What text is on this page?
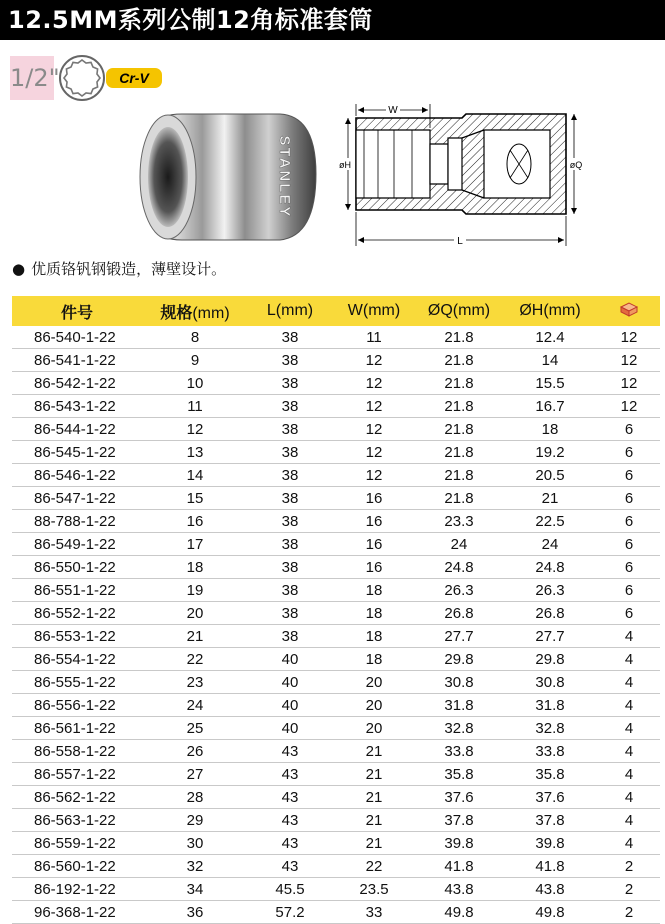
12.5MM系列公制12角标准套筒
1/2"	Cr-V
STANLEY
W
L
øH	øQ
● 优质铬钒钢锻造，薄壁设计。
件号	规格(mm)	L(mm)	W(mm)	ØQ(mm)	ØH(mm)	
86-540-1-22	8	38	11	21.8	12.4	12
86-541-1-22	9	38	12	21.8	14	12
86-542-1-22	10	38	12	21.8	15.5	12
86-543-1-22	11	38	12	21.8	16.7	12
86-544-1-22	12	38	12	21.8	18	6
86-545-1-22	13	38	12	21.8	19.2	6
86-546-1-22	14	38	12	21.8	20.5	6
86-547-1-22	15	38	16	21.8	21	6
88-788-1-22	16	38	16	23.3	22.5	6
86-549-1-22	17	38	16	24	24	6
86-550-1-22	18	38	16	24.8	24.8	6
86-551-1-22	19	38	18	26.3	26.3	6
86-552-1-22	20	38	18	26.8	26.8	6
86-553-1-22	21	38	18	27.7	27.7	4
86-554-1-22	22	40	18	29.8	29.8	4
86-555-1-22	23	40	20	30.8	30.8	4
86-556-1-22	24	40	20	31.8	31.8	4
86-561-1-22	25	40	20	32.8	32.8	4
86-558-1-22	26	43	21	33.8	33.8	4
86-557-1-22	27	43	21	35.8	35.8	4
86-562-1-22	28	43	21	37.6	37.6	4
86-563-1-22	29	43	21	37.8	37.8	4
86-559-1-22	30	43	21	39.8	39.8	4
86-560-1-22	32	43	22	41.8	41.8	2
86-192-1-22	34	45.5	23.5	43.8	43.8	2
96-368-1-22	36	57.2	33	49.8	49.8	2
